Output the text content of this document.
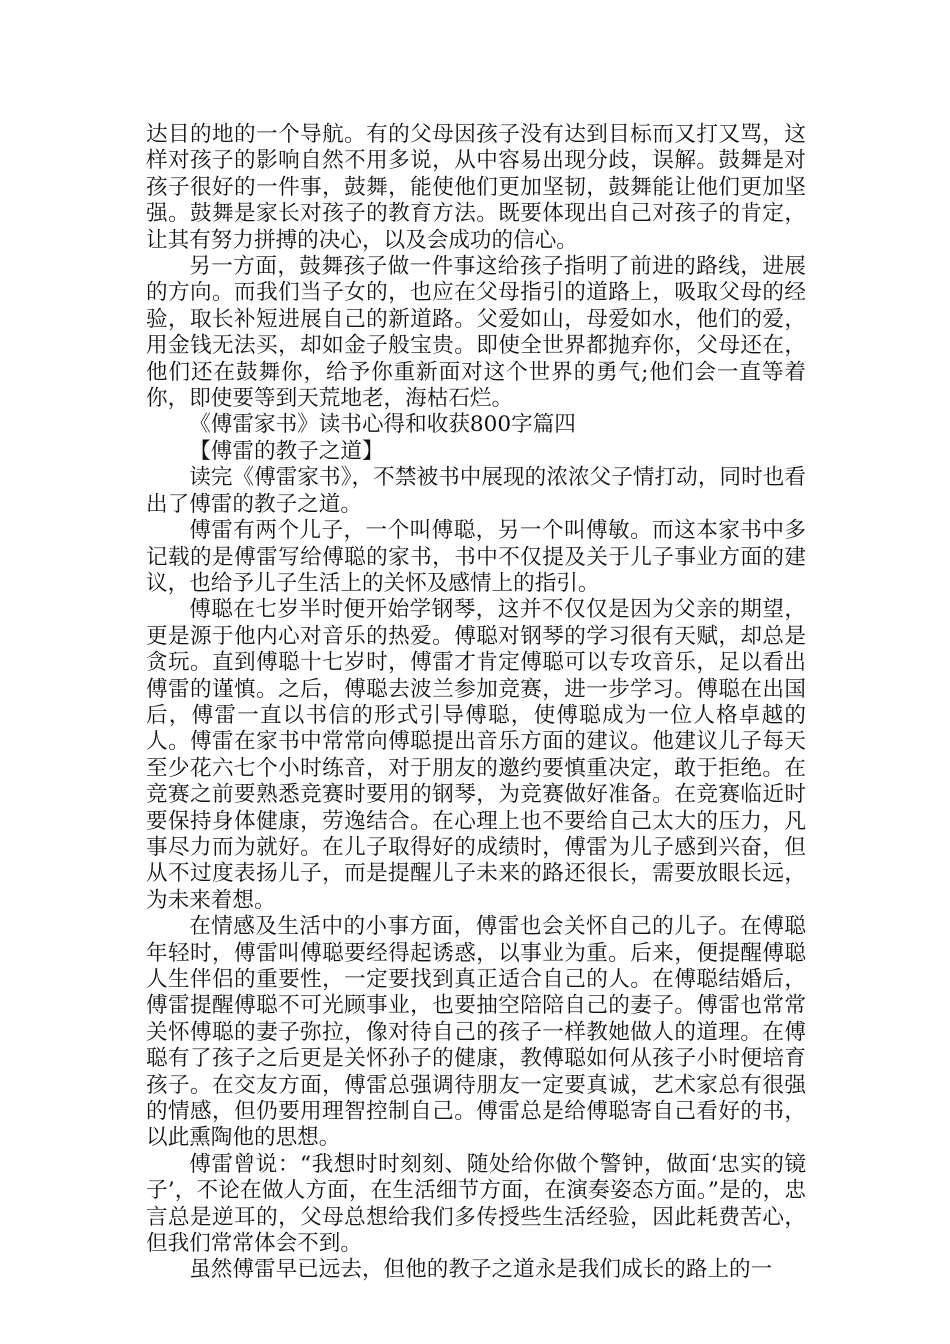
达目的地的一个导航。有的父母因孩子没有达到目标而又打又骂，这样对孩子的影响自然不用多说，从中容易出现分歧，误解。鼓舞是对孩子很好的一件事，鼓舞，能使他们更加坚韧，鼓舞能让他们更加坚强。鼓舞是家长对孩子的教育方法。既要体现出自己对孩子的肯定，让其有努力拼搏的决心，以及会成功的信心。

另一方面，鼓舞孩子做一件事这给孩子指明了前进的路线，进展的方向。而我们当子女的，也应在父母指引的道路上，吸取父母的经验，取长补短进展自己的新道路。父爱如山，母爱如水，他们的爱，用金钱无法买，却如金子般宝贵。即使全世界都抛弃你，父母还在，他们还在鼓舞你，给予你重新面对这个世界的勇气;他们会一直等着你，即使要等到天荒地老，海枯石烂。

《傅雷家书》读书心得和收获800字篇四

【傅雷的教子之道】

读完《傅雷家书》，不禁被书中展现的浓浓父子情打动，同时也看出了傅雷的教子之道。

傅雷有两个儿子，一个叫傅聪，另一个叫傅敏。而这本家书中多记载的是傅雷写给傅聪的家书，书中不仅提及关于儿子事业方面的建议，也给予儿子生活上的关怀及感情上的指引。

傅聪在七岁半时便开始学钢琴，这并不仅仅是因为父亲的期望，更是源于他内心对音乐的热爱。傅聪对钢琴的学习很有天赋，却总是贪玩。直到傅聪十七岁时，傅雷才肯定傅聪可以专攻音乐，足以看出傅雷的谨慎。之后，傅聪去波兰参加竞赛，进一步学习。傅聪在出国后，傅雷一直以书信的形式引导傅聪，使傅聪成为一位人格卓越的人。傅雷在家书中常常向傅聪提出音乐方面的建议。他建议儿子每天至少花六七个小时练音，对于朋友的邀约要慎重决定，敢于拒绝。在竞赛之前要熟悉竞赛时要用的钢琴，为竞赛做好准备。在竞赛临近时要保持身体健康，劳逸结合。在心理上也不要给自己太大的压力，凡事尽力而为就好。在儿子取得好的成绩时，傅雷为儿子感到兴奋，但从不过度表扬儿子，而是提醒儿子未来的路还很长，需要放眼长远，为未来着想。

在情感及生活中的小事方面，傅雷也会关怀自己的儿子。在傅聪年轻时，傅雷叫傅聪要经得起诱惑，以事业为重。后来，便提醒傅聪人生伴侣的重要性，一定要找到真正适合自己的人。在傅聪结婚后，傅雷提醒傅聪不可光顾事业，也要抽空陪陪自己的妻子。傅雷也常常关怀傅聪的妻子弥拉，像对待自己的孩子一样教她做人的道理。在傅聪有了孩子之后更是关怀孙子的健康，教傅聪如何从孩子小时便培育孩子。在交友方面，傅雷总强调待朋友一定要真诚，艺术家总有很强的情感，但仍要用理智控制自己。傅雷总是给傅聪寄自己看好的书，以此熏陶他的思想。

傅雷曾说：“我想时时刻刻、随处给你做个警钟，做面‘忠实的镜子’，不论在做人方面，在生活细节方面，在演奏姿态方面。”是的，忠言总是逆耳的，父母总想给我们多传授些生活经验，因此耗费苦心，但我们常常体会不到。

虽然傅雷早已远去，但他的教子之道永是我们成长的路上的一
